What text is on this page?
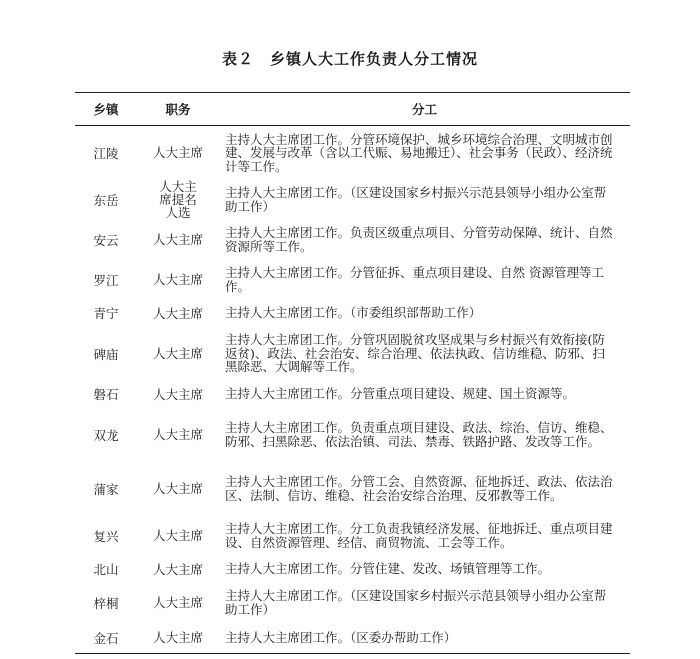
表２　乡镇人大工作负责人分工情况
乡镇	职务	分工
江陵	人大主席	主持人大主席团工作。分管环境保护、城乡环境综合治理、文明城市创建、发展与改革（含以工代赈、易地搬迁）、社会事务（民政）、经济统计等工作。
东岳	人大主席提名人选	主持人大主席团工作。（区建设国家乡村振兴示范县领导小组办公室帮助工作）
安云	人大主席	主持人大主席团工作。负责区级重点项目、分管劳动保障、统计、自然资源所等工作。
罗江	人大主席	主持人大主席团工作。分管征拆、重点项目建设、自然 资源管理等工作。
青宁	人大主席	主持人大主席团工作。（市委组织部帮助工作）
碑庙	人大主席	主持人大主席团工作。分管巩固脱贫攻坚成果与乡村振兴有效衔接(防返贫)、政法、社会治安、综合治理、依法执政、信访维稳、防邪、扫黑除恶、大调解等工作。
磐石	人大主席	主持人大主席团工作。分管重点项目建设、规建、国土资源等。
双龙	人大主席	主持人大主席团工作。负责重点项目建设、政法、综治、信访、维稳、防邪、扫黑除恶、依法治镇、司法、禁毒、铁路护路、发改等工作。
蒲家	人大主席	主持人大主席团工作。分管工会、自然资源、征地拆迁、政法、依法治区、法制、信访、维稳、社会治安综合治理、反邪教等工作。
复兴	人大主席	主持人大主席团工作。分工负责我镇经济发展、征地拆迁、重点项目建设、自然资源管理、经信、商贸物流、工会等工作。
北山	人大主席	主持人大主席团工作。分管住建、发改、场镇管理等工作。
梓桐	人大主席	主持人大主席团工作。（区建设国家乡村振兴示范县领导小组办公室帮助工作）
金石	人大主席	主持人大主席团工作。（区委办帮助工作）
